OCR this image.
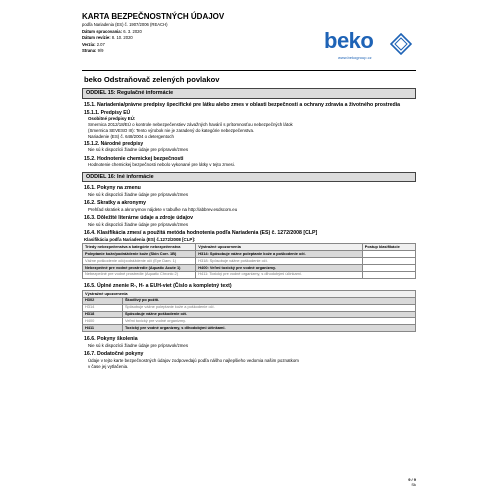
KARTA BEZPEČNOSTNÝCH ÚDAJOV
podľa Nariadenia (ES) č. 1907/2006 (REACH)
Dátum spracovania: 6. 3. 2020
Dátum revízie: 8. 10. 2020
Verzia: 2.07
Strana: 9/9	beko
www.bekogroup.cz
beko Odstraňovač zelených povlakov
ODDIEL 15: Regulačné informácie
15.1. Nariadenia/právne predpisy špecifické pre látku alebo zmes v oblasti bezpečnosti a ochrany zdravia a životného prostredia
15.1.1. Predpisy EÚ
Osobitné predpisy EÚ:
Smernica 2012/18/EÚ o kontrole nebezpečenstiev závažných havárií s prítomnosťou nebezpečných látok
(Smernica SEVESO III): Tento výrobok nie je zaradený do kategórie nebezpečenstva.
Nariadenie (ES) č. 648/2004 o detergentoch
15.1.2. Národné predpisy
Nie sú k dispozícii žiadne údaje pre prípravok/zmes
15.2. Hodnotenie chemickej bezpečnosti
Hodnotenie chemickej bezpečnosti nebolo vykonané pre látky v tejto zmesi.
ODDIEL 16: Iné informácie
16.1. Pokyny na zmenu
Nie sú k dispozícii žiadne údaje pre prípravok/zmes
16.2. Skratky a akronymy
Prehľad skratiek a akronymov nájdete v tabuľke na http://abbrev.esdscom.eu
16.3. Dôležité literárne údaje a zdroje údajov
Nie sú k dispozícii žiadne údaje pre prípravok/zmes
16.4. Klasifikácia zmesí a použitá metóda hodnotenia podľa Nariadenia (ES) č. 1272/2008 [CLP]
Klasifikácia podľa Nariadenia (ES) č.1272/2008 [CLP]:
Triedy nebezpečenstva a kategórie nebezpečenstva	Výstražné upozornenia	Postup klasifikácie
Poleptanie kože/podráždenie kože (Skin Corr. 1B)	H314: Spôsobuje vážne poleptanie kože a poškodenie očí.	
Vážne poškodenie očí/podráždenie očí (Eye Dam. 1)	H318: Spôsobuje vážne poškodenie očí.	
Nebezpečné pre vodné prostredie (Aquatic Acute 1)	H400: Veľmi toxický pre vodné organizmy.	
Nebezpečné pre vodné prostredie (Aquatic Chronic 2)	H411: Toxický pre vodné organizmy, s dlhodobými účinkami.	
16.5. Úplné znenie R-, H- a EUH-viet (Číslo a kompletný text)
Výstražné upozornenia	
H302	Škodlivý po požití.
H314	Spôsobuje vážne poleptanie kože a poškodenie očí.
H318	Spôsobuje vážne poškodenie očí.
H400	Veľmi toxický pre vodné organizmy.
H411	Toxický pre vodné organizmy, s dlhodobými účinkami.
16.6. Pokyny školenia
Nie sú k dispozícii žiadne údaje pre prípravok/zmes
16.7. Dodatočné pokyny
Údaje v tejto karte bezpečnostných údajov zodpovedajú podľa nášho najlepšieho vedomia našim poznatkom
v čase jej vytlačenia.
9 / 9
Sk
